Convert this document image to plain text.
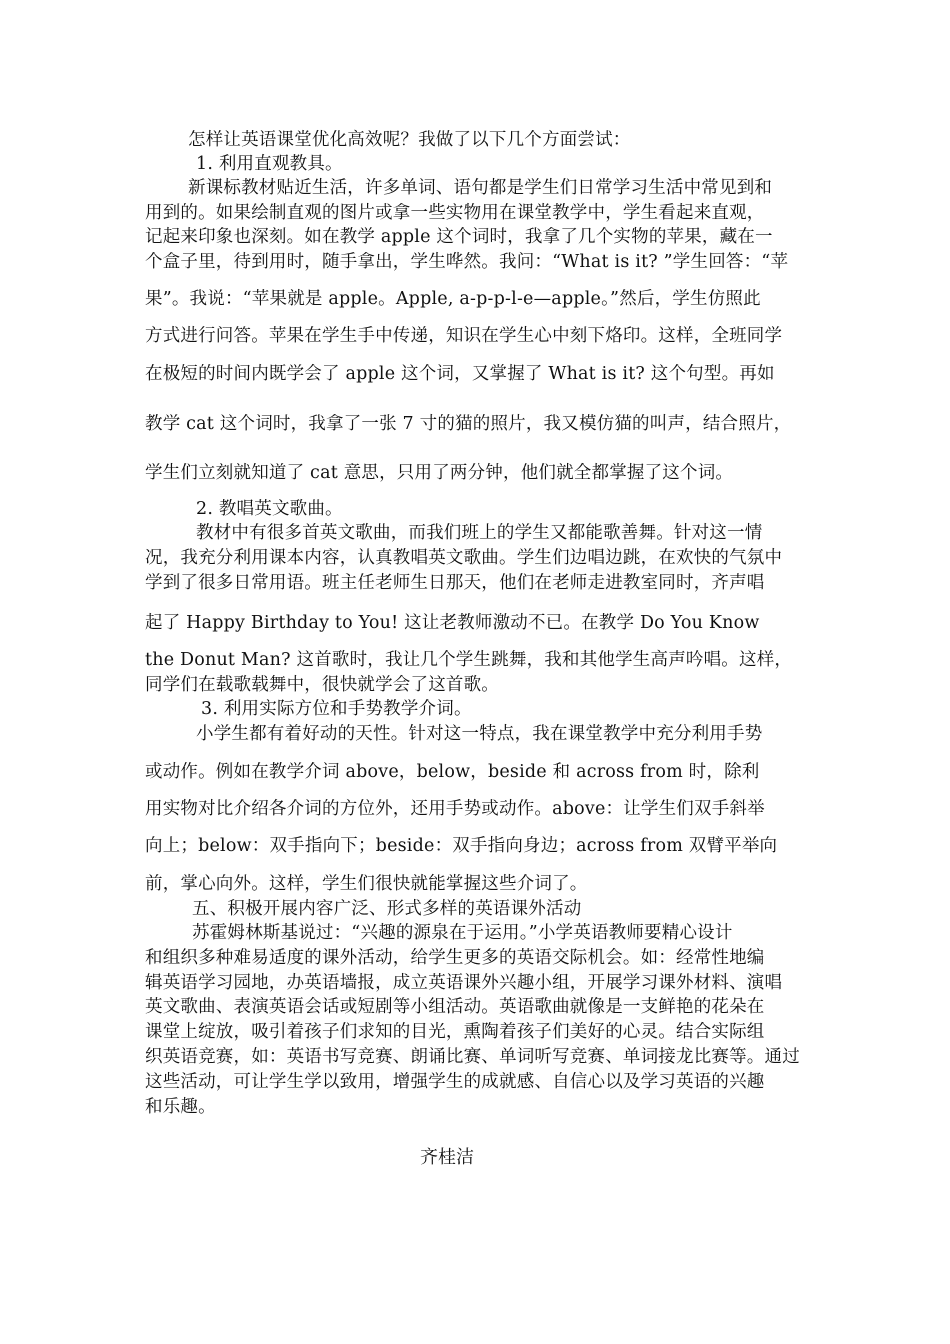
怎样让英语课堂优化高效呢？我做了以下几个方面尝试：
1. 利用直观教具。
新课标教材贴近生活，许多单词、语句都是学生们日常学习生活中常见到和
用到的。如果绘制直观的图片或拿一些实物用在课堂教学中，学生看起来直观，
记起来印象也深刻。如在教学 apple 这个词时，我拿了几个实物的苹果，藏在一
个盒子里，待到用时，随手拿出，学生哗然。我问：“What is it? ”学生回答：“苹
果”。我说：“苹果就是 apple。Apple, a-p-p-l-e—apple。”然后，学生仿照此
方式进行问答。苹果在学生手中传递，知识在学生心中刻下烙印。这样，全班同学
在极短的时间内既学会了 apple 这个词，又掌握了 What is it? 这个句型。再如
教学 cat 这个词时，我拿了一张 7 寸的猫的照片，我又模仿猫的叫声，结合照片，
学生们立刻就知道了 cat 意思，只用了两分钟，他们就全都掌握了这个词。
2. 教唱英文歌曲。
教材中有很多首英文歌曲，而我们班上的学生又都能歌善舞。针对这一情
况，我充分利用课本内容，认真教唱英文歌曲。学生们边唱边跳，在欢快的气氛中
学到了很多日常用语。班主任老师生日那天，他们在老师走进教室同时，齐声唱
起了 Happy Birthday to You! 这让老教师激动不已。在教学 Do You Know
the Donut Man? 这首歌时，我让几个学生跳舞，我和其他学生高声吟唱。这样，
同学们在载歌载舞中，很快就学会了这首歌。
3. 利用实际方位和手势教学介词。
小学生都有着好动的天性。针对这一特点，我在课堂教学中充分利用手势
或动作。例如在教学介词 above，below，beside 和 across from 时，除利
用实物对比介绍各介词的方位外，还用手势或动作。above：让学生们双手斜举
向上；below：双手指向下；beside：双手指向身边；across from 双臂平举向
前，掌心向外。这样，学生们很快就能掌握这些介词了。
五、积极开展内容广泛、形式多样的英语课外活动
苏霍姆林斯基说过：“兴趣的源泉在于运用。”小学英语教师要精心设计
和组织多种难易适度的课外活动，给学生更多的英语交际机会。如：经常性地编
辑英语学习园地，办英语墙报，成立英语课外兴趣小组，开展学习课外材料、演唱
英文歌曲、表演英语会话或短剧等小组活动。英语歌曲就像是一支鲜艳的花朵在
课堂上绽放，吸引着孩子们求知的目光，熏陶着孩子们美好的心灵。结合实际组
织英语竞赛，如：英语书写竞赛、朗诵比赛、单词听写竞赛、单词接龙比赛等。通过
这些活动，可让学生学以致用，增强学生的成就感、自信心以及学习英语的兴趣
和乐趣。
齐桂洁
